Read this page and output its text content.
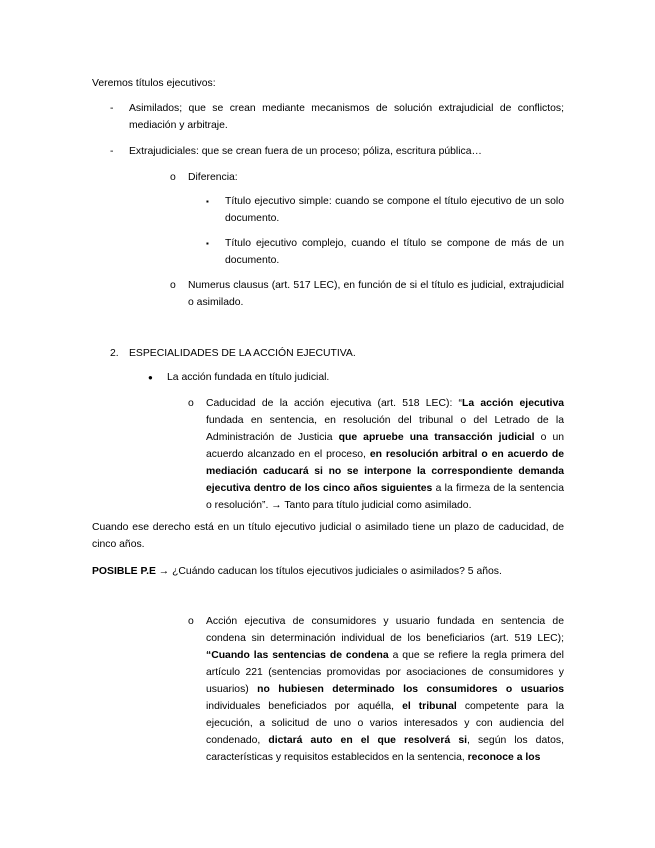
Veremos títulos ejecutivos:
- Asimilados; que se crean mediante mecanismos de solución extrajudicial de conflictos; mediación y arbitraje.
- Extrajudiciales: que se crean fuera de un proceso; póliza, escritura pública…
o Diferencia:
▪ Título ejecutivo simple: cuando se compone el título ejecutivo de un solo documento.
▪ Título ejecutivo complejo, cuando el título se compone de más de un documento.
o Numerus clausus (art. 517 LEC), en función de si el título es judicial, extrajudicial o asimilado.
2. ESPECIALIDADES DE LA ACCIÓN EJECUTIVA.
● La acción fundada en título judicial.
o Caducidad de la acción ejecutiva (art. 518 LEC): “La acción ejecutiva fundada en sentencia, en resolución del tribunal o del Letrado de la Administración de Justicia que apruebe una transacción judicial o un acuerdo alcanzado en el proceso, en resolución arbitral o en acuerdo de mediación caducará si no se interpone la correspondiente demanda ejecutiva dentro de los cinco años siguientes a la firmeza de la sentencia o resolución”. → Tanto para título judicial como asimilado.
Cuando ese derecho está en un título ejecutivo judicial o asimilado tiene un plazo de caducidad, de cinco años.
POSIBLE P.E → ¿Cuándo caducan los títulos ejecutivos judiciales o asimilados? 5 años.
o Acción ejecutiva de consumidores y usuario fundada en sentencia de condena sin determinación individual de los beneficiarios (art. 519 LEC); “Cuando las sentencias de condena a que se refiere la regla primera del artículo 221 (sentencias promovidas por asociaciones de consumidores y usuarios) no hubiesen determinado los consumidores o usuarios individuales beneficiados por aquélla, el tribunal competente para la ejecución, a solicitud de uno o varios interesados y con audiencia del condenado, dictará auto en el que resolverá si, según los datos, características y requisitos establecidos en la sentencia, reconoce a los
